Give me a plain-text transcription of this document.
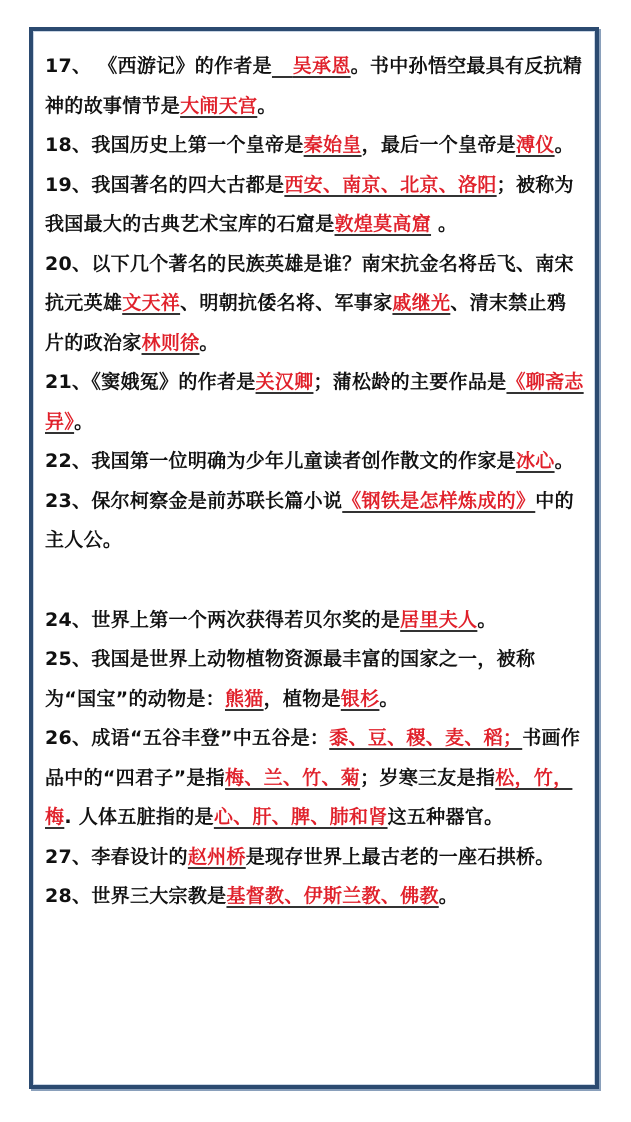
17、 《西游记》的作者是 吴承恩。书中孙悟空最具有反抗精神的故事情节是大闹天宫。

18、我国历史上第一个皇帝是秦始皇，最后一个皇帝是溥仪。

19、我国著名的四大古都是西安、南京、北京、洛阳；被称为我国最大的古典艺术宝库的石窟是敦煌莫高窟 。

20、以下几个著名的民族英雄是谁？南宋抗金名将岳飞、南宋抗元英雄文天祥、明朝抗倭名将、军事家戚继光、清末禁止鸦片的政治家林则徐。

21、《窦娥冤》的作者是关汉卿；蒲松龄的主要作品是《聊斋志异》。

22、我国第一位明确为少年儿童读者创作散文的作家是冰心。

23、保尔柯察金是前苏联长篇小说《钢铁是怎样炼成的》中的主人公。

24、世界上第一个两次获得若贝尔奖的是居里夫人。

25、我国是世界上动物植物资源最丰富的国家之一，被称为“国宝”的动物是：熊猫，植物是银杉。

26、成语“五谷丰登”中五谷是：黍、豆、稷、麦、稻；书画作品中的“四君子”是指梅、兰、竹、菊；岁寒三友是指松，竹，梅. 人体五脏指的是心、肝、脾、肺和肾这五种器官。

27、李春设计的赵州桥是现存世界上最古老的一座石拱桥。

28、世界三大宗教是基督教、伊斯兰教、佛教。
